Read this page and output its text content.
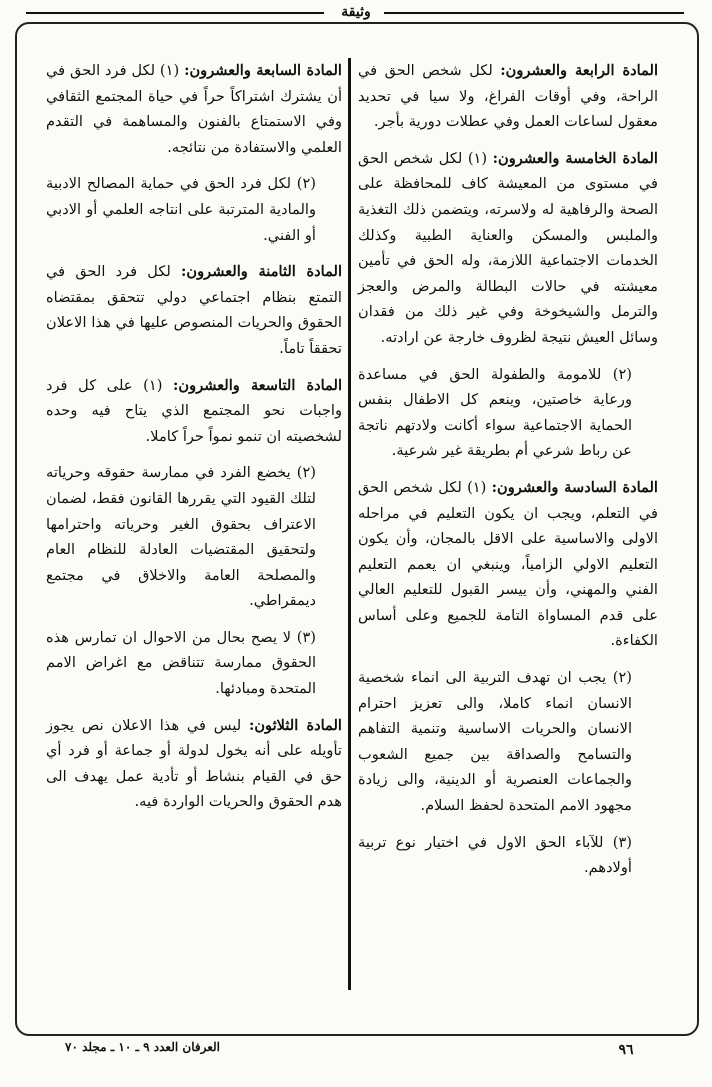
وثيقة

المادة الرابعة والعشرون: لكل شخص الحق في الراحة، وفي أوقات الفراغ، ولا سيا في تحديد معقول لساعات العمل وفي عطلات دورية بأجر.

المادة الخامسة والعشرون: (١) لكل شخص الحق في مستوى من المعيشة كاف للمحافظة على الصحة والرفاهية له ولاسرته، ويتضمن ذلك التغذية والملبس والمسكن والعناية الطبية وكذلك الخدمات الاجتماعية اللازمة، وله الحق في تأمين معيشته في حالات البطالة والمرض والعجز والترمل والشيخوخة وفي غير ذلك من فقدان وسائل العيش نتيجة لظروف خارجة عن ارادته.

(٢) للامومة والطفولة الحق في مساعدة ورعاية خاصتين، وينعم كل الاطفال بنفس الحماية الاجتماعية سواء أكانت ولادتهم ناتجة عن رباط شرعي أم بطريقة غير شرعية.

المادة السادسة والعشرون: (١) لكل شخص الحق في التعلم، ويجب ان يكون التعليم في مراحله الاولى والاساسية على الاقل بالمجان، وأن يكون التعليم الاولي الزامياً، وينبغي ان يعمم التعليم الفني والمهني، وأن ييسر القبول للتعليم العالي على قدم المساواة التامة للجميع وعلى أساس الكفاءة.

(٢) يجب ان تهدف التربية الى انماء شخصية الانسان انماء كاملا، والى تعزيز احترام الانسان والحريات الاساسية وتنمية التفاهم والتسامح والصداقة بين جميع الشعوب والجماعات العنصرية أو الدينية، والى زيادة مجهود الامم المتحدة لحفظ السلام.

(٣) للآباء الحق الاول في اختيار نوع تربية أولادهم.

المادة السابعة والعشرون: (١) لكل فرد الحق في أن يشترك اشتراكاً حراً في حياة المجتمع الثقافي وفي الاستمتاع بالفنون والمساهمة في التقدم العلمي والاستفادة من نتائجه.

(٢) لكل فرد الحق في حماية المصالح الادبية والمادية المترتبة على انتاجه العلمي أو الادبي أو الفني.

المادة الثامنة والعشرون: لكل فرد الحق في التمتع بنظام اجتماعي دولي تتحقق بمقتضاه الحقوق والحريات المنصوص عليها في هذا الاعلان تحققاً تاماً.

المادة التاسعة والعشرون: (١) على كل فرد واجبات نحو المجتمع الذي يتاح فيه وحده لشخصيته ان تنمو نمواً حراً كاملا.

(٢) يخضع الفرد في ممارسة حقوقه وحرياته لتلك القيود التي يقررها القانون فقط، لضمان الاعتراف بحقوق الغير وحرياته واحترامها ولتحقيق المقتضيات العادلة للنظام العام والمصلحة العامة والاخلاق في مجتمع ديمقراطي.

(٣) لا يصح بحال من الاحوال ان تمارس هذه الحقوق ممارسة تتناقض مع اغراض الامم المتحدة ومبادئها.

المادة الثلاثون: ليس في هذا الاعلان نص يجوز تأويله على أنه يخول لدولة أو جماعة أو فرد أي حق في القيام بنشاط أو تأدية عمل يهدف الى هدم الحقوق والحريات الواردة فيه.

العرفان العدد ٩ ـ ١٠ ـ مجلد ٧٠	٩٦
